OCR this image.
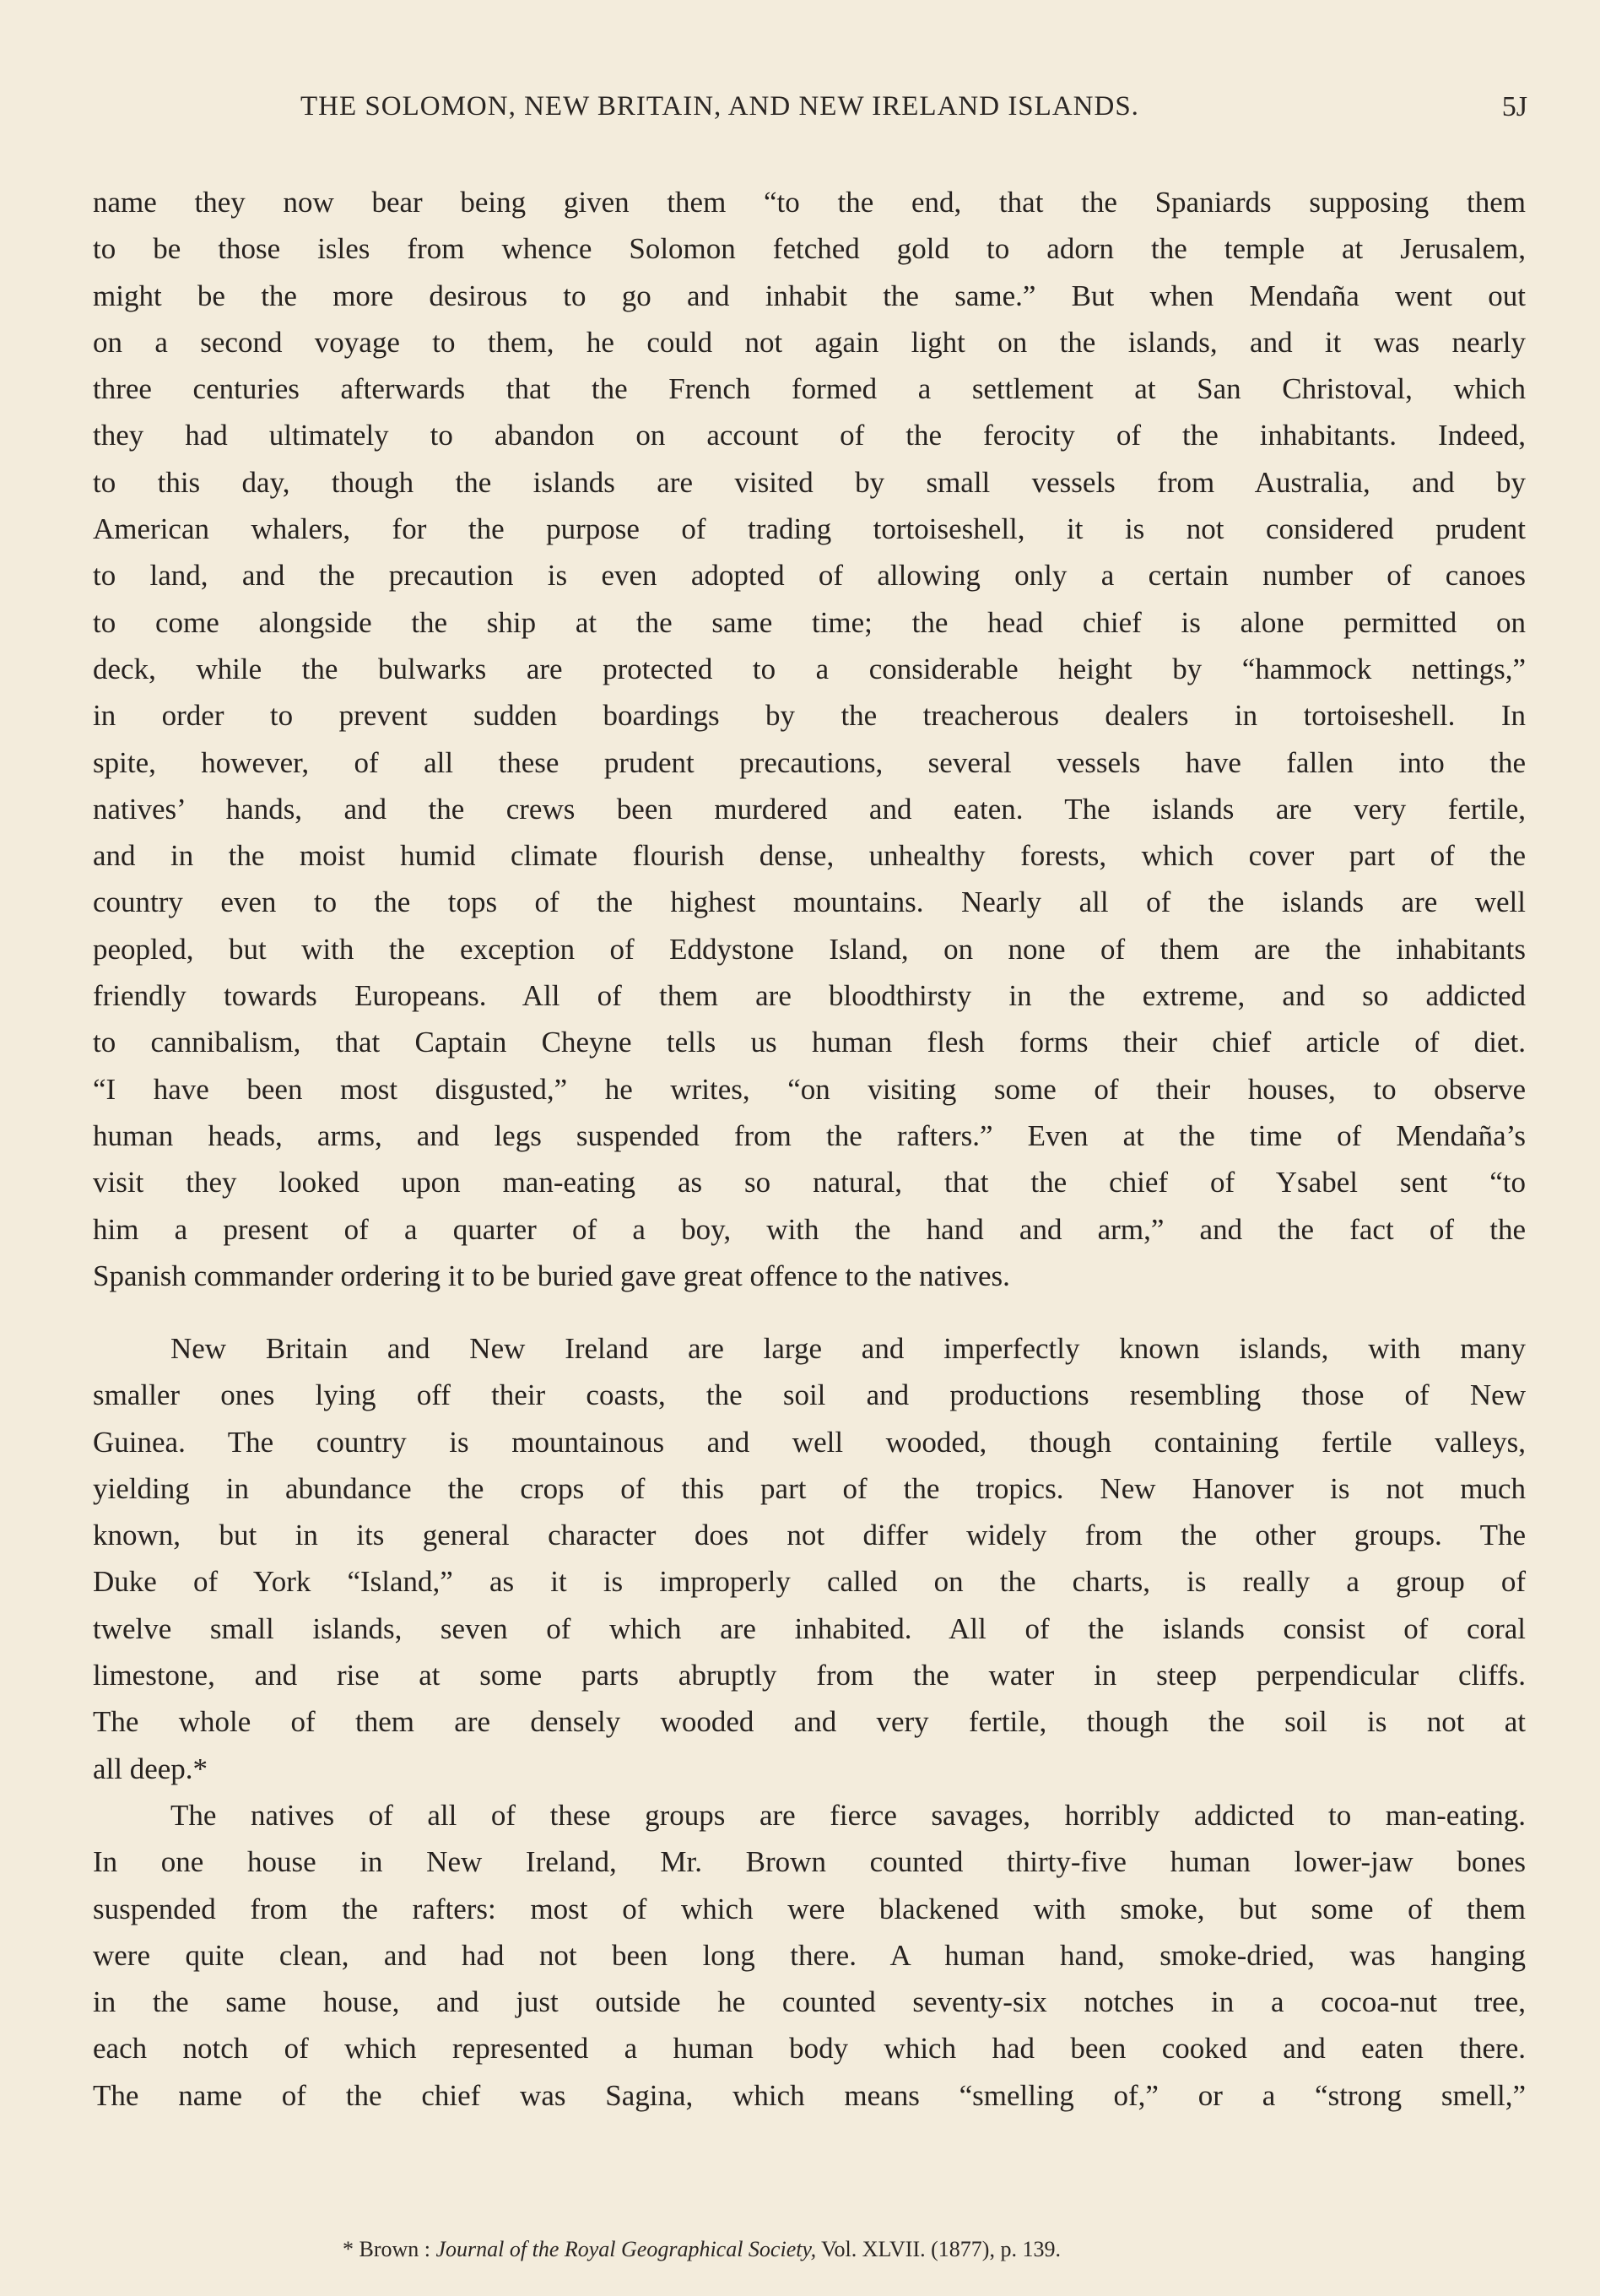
THE SOLOMON, NEW BRITAIN, AND NEW IRELAND ISLANDS.	5J
name they now bear being given them “to the end, that the Spaniards supposing them
to be those isles from whence Solomon fetched gold to adorn the temple at Jerusalem,
might be the more desirous to go and inhabit the same.” But when Mendaña went out
on a second voyage to them, he could not again light on the islands, and it was nearly
three centuries afterwards that the French formed a settlement at San Christoval, which
they had ultimately to abandon on account of the ferocity of the inhabitants. Indeed,
to this day, though the islands are visited by small vessels from Australia, and by
American whalers, for the purpose of trading tortoiseshell, it is not considered prudent
to land, and the precaution is even adopted of allowing only a certain number of canoes
to come alongside the ship at the same time; the head chief is alone permitted on
deck, while the bulwarks are protected to a considerable height by “hammock nettings,”
in order to prevent sudden boardings by the treacherous dealers in tortoiseshell. In
spite, however, of all these prudent precautions, several vessels have fallen into the
natives’ hands, and the crews been murdered and eaten. The islands are very fertile,
and in the moist humid climate flourish dense, unhealthy forests, which cover part of the
country even to the tops of the highest mountains. Nearly all of the islands are well
peopled, but with the exception of Eddystone Island, on none of them are the inhabitants
friendly towards Europeans. All of them are bloodthirsty in the extreme, and so addicted
to cannibalism, that Captain Cheyne tells us human flesh forms their chief article of diet.
“I have been most disgusted,” he writes, “on visiting some of their houses, to observe
human heads, arms, and legs suspended from the rafters.” Even at the time of Mendaña’s
visit they looked upon man-eating as so natural, that the chief of Ysabel sent “to
him a present of a quarter of a boy, with the hand and arm,” and the fact of the
Spanish commander ordering it to be buried gave great offence to the natives.
New Britain and New Ireland are large and imperfectly known islands, with many
smaller ones lying off their coasts, the soil and productions resembling those of New
Guinea. The country is mountainous and well wooded, though containing fertile valleys,
yielding in abundance the crops of this part of the tropics. New Hanover is not much
known, but in its general character does not differ widely from the other groups. The
Duke of York “Island,” as it is improperly called on the charts, is really a group of
twelve small islands, seven of which are inhabited. All of the islands consist of coral
limestone, and rise at some parts abruptly from the water in steep perpendicular cliffs.
The whole of them are densely wooded and very fertile, though the soil is not at
all deep.*
The natives of all of these groups are fierce savages, horribly addicted to man-eating.
In one house in New Ireland, Mr. Brown counted thirty-five human lower-jaw bones
suspended from the rafters: most of which were blackened with smoke, but some of them
were quite clean, and had not been long there. A human hand, smoke-dried, was hanging
in the same house, and just outside he counted seventy-six notches in a cocoa-nut tree,
each notch of which represented a human body which had been cooked and eaten there.
The name of the chief was Sagina, which means “smelling of,” or a “strong smell,”
* Brown : Journal of the Royal Geographical Society, Vol. XLVII. (1877), p. 139.
